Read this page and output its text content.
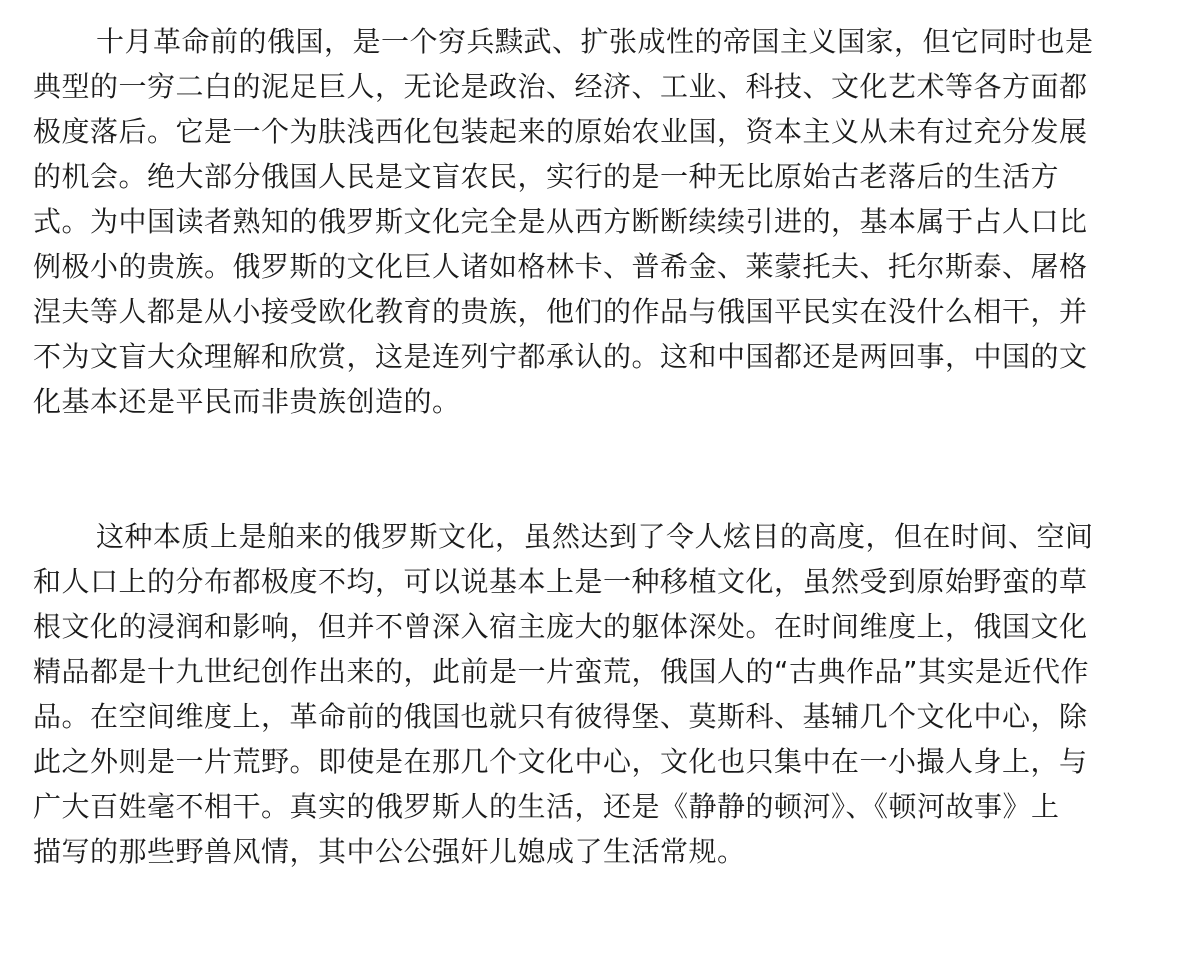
十月革命前的俄国，是一个穷兵黩武、扩张成性的帝国主义国家，但它同时也是
典型的一穷二白的泥足巨人，无论是政治、经济、工业、科技、文化艺术等各方面都
极度落后。它是一个为肤浅西化包装起来的原始农业国，资本主义从未有过充分发展
的机会。绝大部分俄国人民是文盲农民，实行的是一种无比原始古老落后的生活方
式。为中国读者熟知的俄罗斯文化完全是从西方断断续续引进的，基本属于占人口比
例极小的贵族。俄罗斯的文化巨人诸如格林卡、普希金、莱蒙托夫、托尔斯泰、屠格
涅夫等人都是从小接受欧化教育的贵族，他们的作品与俄国平民实在没什么相干，并
不为文盲大众理解和欣赏，这是连列宁都承认的。这和中国都还是两回事，中国的文
化基本还是平民而非贵族创造的。
这种本质上是舶来的俄罗斯文化，虽然达到了令人炫目的高度，但在时间、空间
和人口上的分布都极度不均，可以说基本上是一种移植文化，虽然受到原始野蛮的草
根文化的浸润和影响，但并不曾深入宿主庞大的躯体深处。在时间维度上，俄国文化
精品都是十九世纪创作出来的，此前是一片蛮荒，俄国人的“古典作品”其实是近代作
品。在空间维度上，革命前的俄国也就只有彼得堡、莫斯科、基辅几个文化中心，除
此之外则是一片荒野。即使是在那几个文化中心，文化也只集中在一小撮人身上，与
广大百姓毫不相干。真实的俄罗斯人的生活，还是《静静的顿河》、《顿河故事》上
描写的那些野兽风情，其中公公强奸儿媳成了生活常规。
